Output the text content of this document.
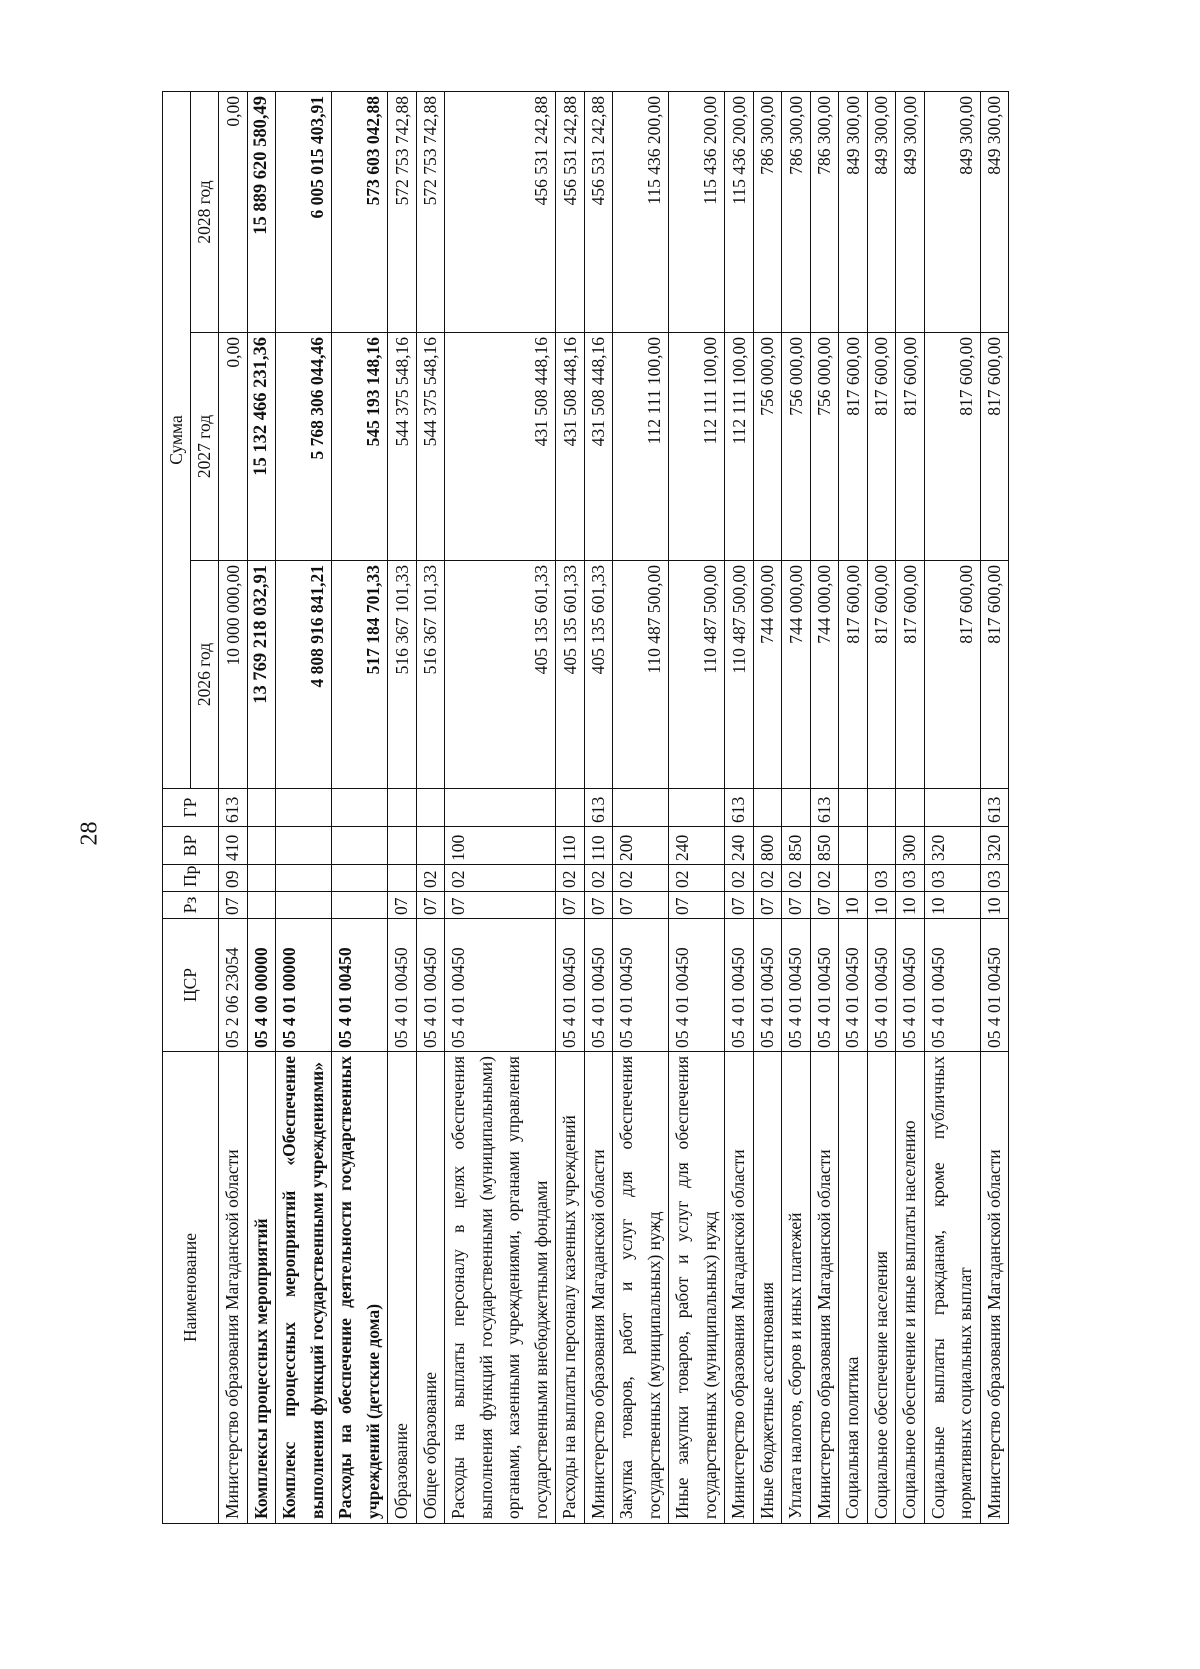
28
Наименование	ЦСР	Рз	Пр	ВР	ГР	Сумма		
						2026 год	2027 год	2028 год
Министерство образования Магаданской области	05 2 06 23054	07	09	410	613	10 000 000,00	0,00	0,00
Комплексы процессных мероприятий	05 4 00 00000					13 769 218 032,91	15 132 466 231,36	15 889 620 580,49
Комплекс процессных мероприятий «Обеспечение выполнения функций государственными учреждениями»	05 4 01 00000					4 808 916 841,21	5 768 306 044,46	6 005 015 403,91
Расходы на обеспечение деятельности государственных учреждений (детские дома)	05 4 01 00450					517 184 701,33	545 193 148,16	573 603 042,88
Образование	05 4 01 00450	07				516 367 101,33	544 375 548,16	572 753 742,88
Общее образование	05 4 01 00450	07	02			516 367 101,33	544 375 548,16	572 753 742,88
Расходы на выплаты персоналу в целях обеспечения выполнения функций государственными (муниципальными) органами, казенными учреждениями, органами управления государственными внебюджетными фондами	05 4 01 00450	07	02	100		405 135 601,33	431 508 448,16	456 531 242,88
Расходы на выплаты персоналу казенных учреждений	05 4 01 00450	07	02	110		405 135 601,33	431 508 448,16	456 531 242,88
Министерство образования Магаданской области	05 4 01 00450	07	02	110	613	405 135 601,33	431 508 448,16	456 531 242,88
Закупка товаров, работ и услуг для обеспечения государственных (муниципальных) нужд	05 4 01 00450	07	02	200		110 487 500,00	112 111 100,00	115 436 200,00
Иные закупки товаров, работ и услуг для обеспечения государственных (муниципальных) нужд	05 4 01 00450	07	02	240		110 487 500,00	112 111 100,00	115 436 200,00
Министерство образования Магаданской области	05 4 01 00450	07	02	240	613	110 487 500,00	112 111 100,00	115 436 200,00
Иные бюджетные ассигнования	05 4 01 00450	07	02	800		744 000,00	756 000,00	786 300,00
Уплата налогов, сборов и иных платежей	05 4 01 00450	07	02	850		744 000,00	756 000,00	786 300,00
Министерство образования Магаданской области	05 4 01 00450	07	02	850	613	744 000,00	756 000,00	786 300,00
Социальная политика	05 4 01 00450	10				817 600,00	817 600,00	849 300,00
Социальное обеспечение населения	05 4 01 00450	10	03			817 600,00	817 600,00	849 300,00
Социальное обеспечение и иные выплаты населению	05 4 01 00450	10	03	300		817 600,00	817 600,00	849 300,00
Социальные выплаты гражданам, кроме публичных нормативных социальных выплат	05 4 01 00450	10	03	320		817 600,00	817 600,00	849 300,00
Министерство образования Магаданской области	05 4 01 00450	10	03	320	613	817 600,00	817 600,00	849 300,00
